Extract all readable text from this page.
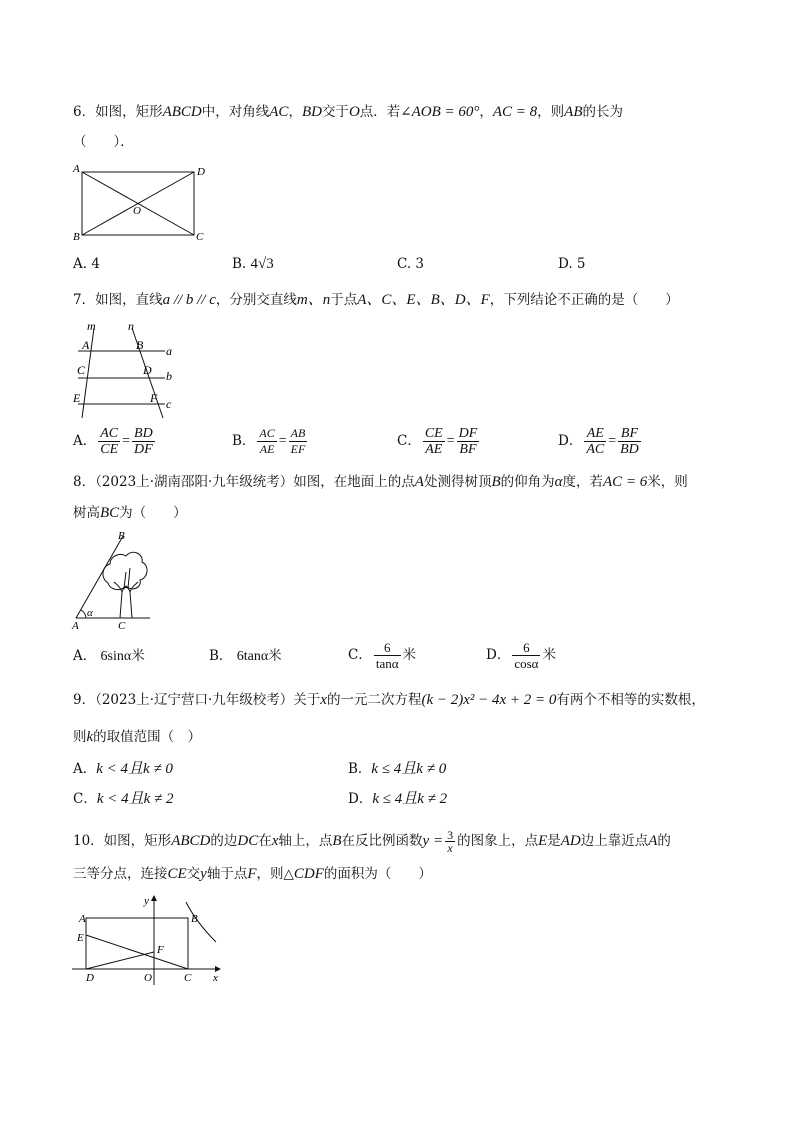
6．如图，矩形ABCD中，对角线AC，BD交于O点．若∠AOB = 60°，AC = 8，则AB的长为
（　　）．
A	D
B	C
O
A. 4	B. 4√3	C. 3	D. 5
7．如图，直线a // b // c，分别交直线m、n于点A、C、E、B、D、F，下列结论不正确的是（　　）
m	n
A	B
C	D
E	F
a
b
c
A． $\frac{AC}{CE} = \frac{BD}{DF}$	B． $\frac{AC}{AE} = \frac{AB}{EF}$	C． $\frac{CE}{AE} = \frac{DF}{BF}$	D． $\frac{AE}{AC} = \frac{BF}{BD}$
8．（2023上·湖南邵阳·九年级统考）如图，在地面上的点A处测得树顶B的仰角为α度，若AC = 6米，则
树高BC为（　　）
B
α
A	C
A． 6sinα米	B． 6tanα米	C． $\frac{6}{\tan\alpha}$ 米	D． $\frac{6}{\cos\alpha}$ 米
9．（2023上·辽宁营口·九年级校考）关于x的一元二次方程(k − 2)x² − 4x + 2 = 0有两个不相等的实数根，
则k的取值范围（　）
A．k < 4且k ≠ 0	B．k ≤ 4且k ≠ 0
C．k < 4且k ≠ 2	D．k ≤ 4且k ≠ 2
10．如图，矩形ABCD的边DC在x轴上，点B在反比例函数$y = \frac{3}{x}$ 的图象上，点E是AD边上靠近点A的
三等分点，连接CE交y轴于点F，则△CDF的面积为（　　）
y
A	B
E
F
D	O	C x
